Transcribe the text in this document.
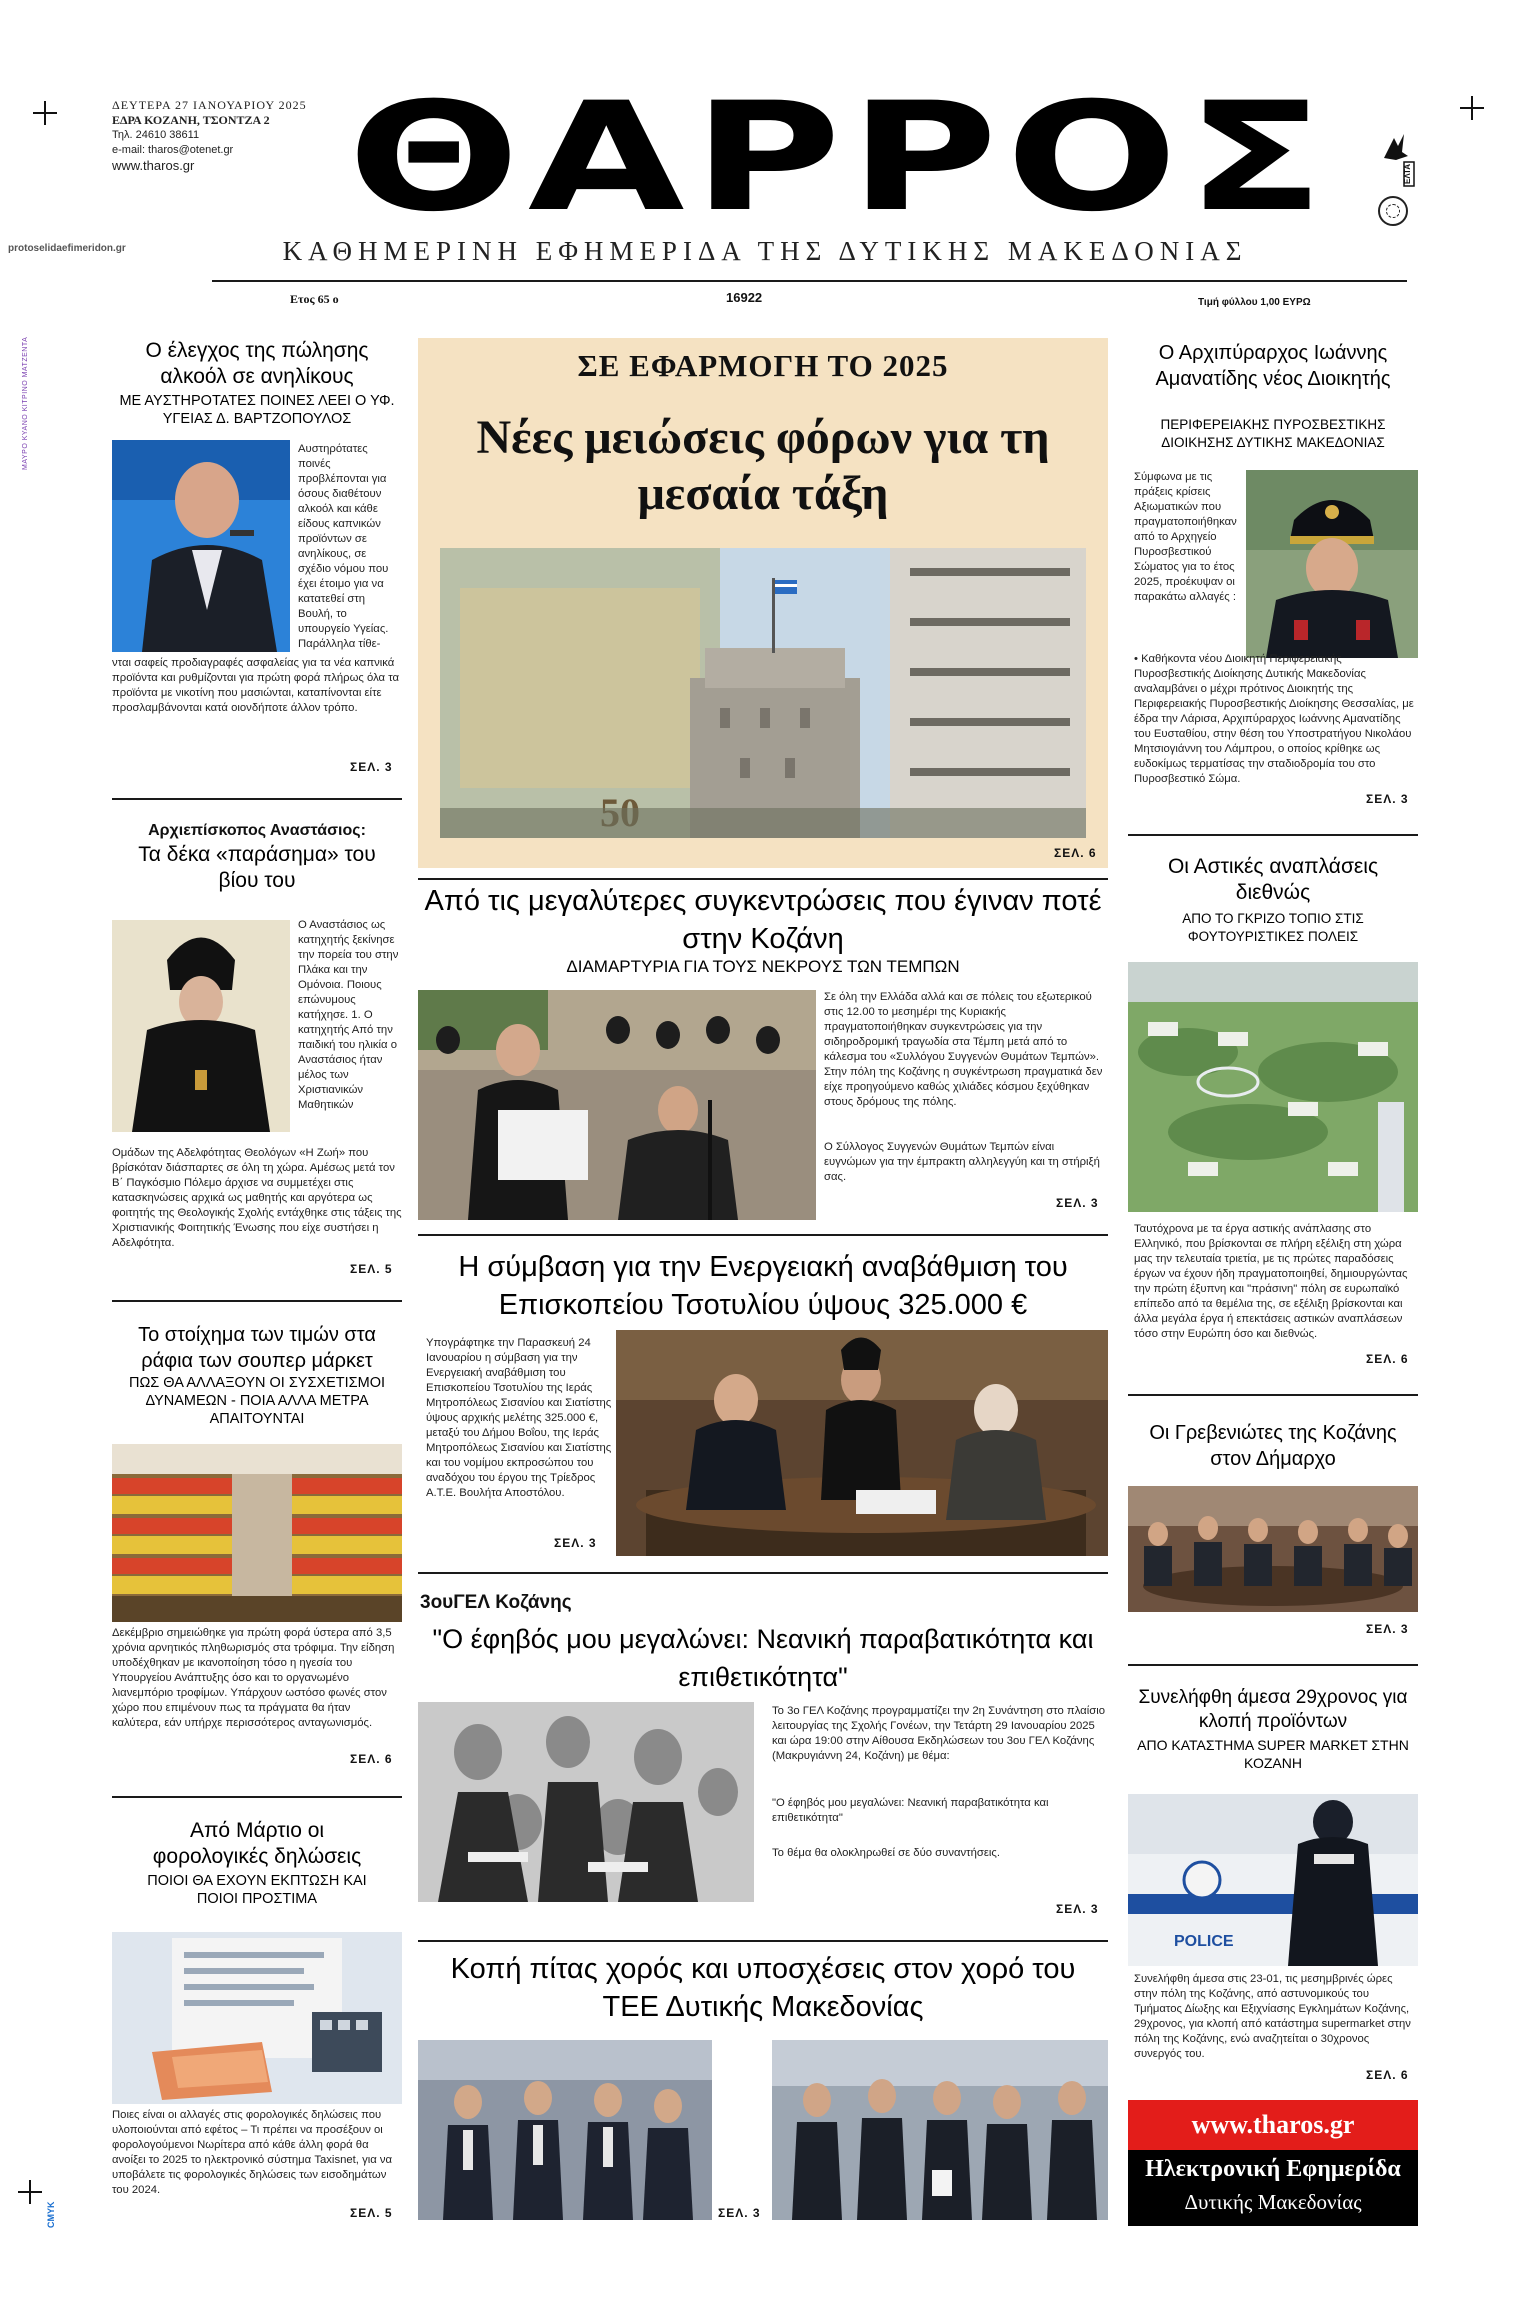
ΜΑΥΡΟ ΚΥΑΝΟ ΚΙΤΡΙΝΟ ΜΑΤΖΕΝΤΑ
CMYK
protoselidaefimeridon.gr
ΔΕΥΤΕΡΑ 27 ΙΑΝΟΥΑΡΙΟΥ 2025
ΕΔΡΑ ΚΟΖΑΝΗ, ΤΣΟΝΤΖΑ 2
Τηλ. 24610 38611
e-mail: tharos@otenet.gr
www.tharos.gr	ΘΑΡΡΟΣ	ΕΛΤΑ
ΚΑΘΗΜΕΡΙΝΗ ΕΦΗΜΕΡΙΔΑ ΤΗΣ ΔΥΤΙΚΗΣ ΜΑΚΕΔΟΝΙΑΣ
Ετος 65 ο	16922	Τιμή φύλλου 1,00 ΕΥΡΩ
Ο έλεγχος της πώλησης αλκοόλ σε ανηλίκους
ΜΕ ΑΥΣΤΗΡΟΤΑΤΕΣ ΠΟΙΝΕΣ ΛΕΕΙ Ο ΥΦ. ΥΓΕΙΑΣ Δ. ΒΑΡΤΖΟΠΟΥΛΟΣ
Αυστηρότατες ποινές προβλέπονται για όσους διαθέτουν αλκοόλ και κάθε είδους καπνικών προϊόντων σε ανηλίκους, σε σχέδιο νόμου που έχει έτοιμο για να κατατεθεί στη Βουλή, το υπουργείο Υγείας. Παράλληλα τίθε-
νται σαφείς προδιαγραφές ασφαλείας για τα νέα καπνικά προϊόντα και ρυθμίζονται για πρώτη φορά πλήρως όλα τα προϊόντα με νικοτίνη που μασιώνται, καταπίνονται είτε προσλαμβάνονται κατά οιονδήποτε άλλον τρόπο.
ΣΕΛ. 3
Αρχιεπίσκοπος Αναστάσιος:
Τα δέκα «παράσημα» του βίου του
Ο Αναστάσιος ως κατηχητής ξεκίνησε την πορεία του στην Πλάκα και την Ομόνοια. Ποιους επώνυμους κατήχησε. 1. Ο κατηχητής Από την παιδική του ηλικία ο Αναστάσιος ήταν μέλος των Χριστιανικών Μαθητικών
Ομάδων της Αδελφότητας Θεολόγων «Η Ζωή» που βρίσκόταν διάσπαρτες σε όλη τη χώρα. Αμέσως μετά τον Β΄ Παγκόσμιο Πόλεμο άρχισε να συμμετέχει στις κατασκηνώσεις αρχικά ως μαθητής και αργότερα ως φοιτητής της Θεολογικής Σχολής εντάχθηκε στις τάξεις της Χριστιανικής Φοιτητικής Ένωσης που είχε συστήσει η Αδελφότητα.
ΣΕΛ. 5
Το στοίχημα των τιμών στα ράφια των σουπερ μάρκετ
ΠΩΣ ΘΑ ΑΛΛΑΞΟΥΝ ΟΙ ΣΥΣΧΕΤΙΣΜΟΙ ΔΥΝΑΜΕΩΝ - ΠΟΙΑ ΑΛΛΑ ΜΕΤΡΑ ΑΠΑΙΤΟΥΝΤΑΙ
Δεκέμβριο σημειώθηκε για πρώτη φορά ύστερα από 3,5 χρόνια αρνητικός πληθωρισμός στα τρόφιμα. Την είδηση υποδέχθηκαν με ικανοποίηση τόσο η ηγεσία του Υπουργείου Ανάπτυξης όσο και το οργανωμένο λιανεμπόριο τροφίμων. Υπάρχουν ωστόσο φωνές στον χώρο που επιμένουν πως τα πράγματα θα ήταν καλύτερα, εάν υπήρχε περισσότερος ανταγωνισμός.
ΣΕΛ. 6
Από Μάρτιο οι φορολογικές δηλώσεις
ΠΟΙΟΙ ΘΑ ΕΧΟΥΝ ΕΚΠΤΩΣΗ ΚΑΙ ΠΟΙΟΙ ΠΡΟΣΤΙΜΑ
Ποιες είναι οι αλλαγές στις φορολογικές δηλώσεις που υλοποιούνται από εφέτος – Τι πρέπει να προσέξουν οι φορολογούμενοι Νωρίτερα από κάθε άλλη φορά θα ανοίξει το 2025 το ηλεκτρονικό σύστημα Taxisnet, για να υποβάλετε τις φορολογικές δηλώσεις των εισοδημάτων του 2024.
ΣΕΛ. 5
ΣΕ ΕΦΑΡΜΟΓΗ ΤΟ 2025
Νέες μειώσεις φόρων για τη μεσαία τάξη
ΣΕΛ. 6
Από τις μεγαλύτερες συγκεντρώσεις που έγιναν ποτέ στην Κοζάνη
ΔΙΑΜΑΡΤΥΡΙΑ ΓΙΑ ΤΟΥΣ ΝΕΚΡΟΥΣ ΤΩΝ ΤΕΜΠΩΝ
Σε όλη την Ελλάδα αλλά και σε πόλεις του εξωτερικού στις 12.00 το μεσημέρι της Κυριακής πραγματοποιήθηκαν συγκεντρώσεις για την σιδηροδρομική τραγωδία στα Τέμπη μετά από το κάλεσμα του «Συλλόγου Συγγενών Θυμάτων Τεμπών». Στην πόλη της Κοζάνης η συγκέντρωση πραγματικά δεν είχε προηγούμενο καθώς χιλιάδες κόσμου ξεχύθηκαν στους δρόμους της πόλης.
Ο Σύλλογος Συγγενών Θυμάτων Τεμπών είναι ευγνώμων για την έμπρακτη αλληλεγγύη και τη στήριξή σας.
ΣΕΛ. 3
Η σύμβαση για την Ενεργειακή αναβάθμιση του Επισκοπείου Τσοτυλίου ύψους 325.000 €
Υπογράφτηκε την Παρασκευή 24 Ιανουαρίου η σύμβαση για την Ενεργειακή αναβάθμιση του Επισκοπείου Τσοτυλίου της Ιεράς Μητροπόλεως Σισανίου και Σιατίστης ύψους αρχικής μελέτης 325.000 €, μεταξύ του Δήμου Βοΐου, της Ιεράς Μητροπόλεως Σισανίου και Σιατίστης και του νομίμου εκπροσώπου του αναδόχου του έργου της Τρίεδρος Α.Τ.Ε. Βουλήτα Αποστόλου.
ΣΕΛ. 3
3ουΓΕΛ Κοζάνης
"Ο έφηβός μου μεγαλώνει: Νεανική παραβατικότητα και επιθετικότητα"
Το 3ο ΓΕΛ Κοζάνης προγραμματίζει την 2η Συνάντηση στο πλαίσιο λειτουργίας της Σχολής Γονέων, την Τετάρτη 29 Ιανουαρίου 2025 και ώρα 19:00 στην Αίθουσα Εκδηλώσεων του 3ου ΓΕΛ Κοζάνης (Μακρυγιάννη 24, Κοζάνη) με θέμα:
"Ο έφηβός μου μεγαλώνει: Νεανική παραβατικότητα και επιθετικότητα"
Το θέμα θα ολοκληρωθεί σε δύο συναντήσεις.
ΣΕΛ. 3
Κοπή πίτας χορός και υποσχέσεις στον χορό του ΤΕΕ Δυτικής Μακεδονίας
ΣΕΛ. 3
Ο Αρχιπύραρχος Ιωάννης Αμανατίδης νέος Διοικητής
ΠΕΡΙΦΕΡΕΙΑΚΗΣ ΠΥΡΟΣΒΕΣΤΙΚΗΣ ΔΙΟΙΚΗΣΗΣ ΔΥΤΙΚΗΣ ΜΑΚΕΔΟΝΙΑΣ
Σύμφωνα με τις πράξεις κρίσεις Αξιωματικών που πραγματοποιήθηκαν από το Αρχηγείο Πυροσβεστικού Σώματος για το έτος 2025, προέκυψαν οι παρακάτω αλλαγές :
• Καθήκοντα νέου Διοικητή Περιφερειακής Πυροσβεστικής Διοίκησης Δυτικής Μακεδονίας αναλαμβάνει ο μέχρι πρότινος Διοικητής της Περιφερειακής Πυροσβεστικής Διοίκησης Θεσσαλίας, με έδρα την Λάρισα, Αρχιπύραρχος Ιωάννης Αμανατίδης του Ευσταθίου, στην θέση του Υποστρατήγου Νικολάου Μητσιογιάννη του Λάμπρου, ο οποίος κρίθηκε ως ευδοκίμως τερματίσας την σταδιοδρομία του στο Πυροσβεστικό Σώμα.
ΣΕΛ. 3
Οι Αστικές αναπλάσεις διεθνώς
ΑΠΟ ΤΟ ΓΚΡΙΖΟ ΤΟΠΙΟ ΣΤΙΣ ΦΟΥΤΟΥΡΙΣΤΙΚΕΣ ΠΟΛΕΙΣ
Ταυτόχρονα με τα έργα αστικής ανάπλασης στο Ελληνικό, που βρίσκονται σε πλήρη εξέλιξη στη χώρα μας την τελευταία τριετία, με τις πρώτες παραδόσεις έργων να έχουν ήδη πραγματοποιηθεί, δημιουργώντας την πρώτη έξυπνη και "πράσινη" πόλη σε ευρωπαϊκό επίπεδο από τα θεμέλια της, σε εξέλιξη βρίσκονται και άλλα μεγάλα έργα ή επεκτάσεις αστικών αναπλάσεων τόσο στην Ευρώπη όσο και διεθνώς.
ΣΕΛ. 6
Οι Γρεβενιώτες της Κοζάνης στον Δήμαρχο
ΣΕΛ. 3
Συνελήφθη άμεσα 29χρονος για κλοπή προϊόντων
ΑΠΟ ΚΑΤΑΣΤΗΜΑ SUPER MARKET ΣΤΗΝ ΚΟΖΑΝΗ
POLICE
Συνελήφθη άμεσα στις 23-01, τις μεσημβρινές ώρες στην πόλη της Κοζάνης, από αστυνομικούς του Τμήματος Δίωξης και Εξιχνίασης Εγκλημάτων Κοζάνης, 29χρονος, για κλοπή από κατάστημα supermarket στην πόλη της Κοζάνης, ενώ αναζητείται ο 30χρονος συνεργός του.
ΣΕΛ. 6
www.tharos.gr
Ηλεκτρονική Εφημερίδα
Δυτικής Μακεδονίας
